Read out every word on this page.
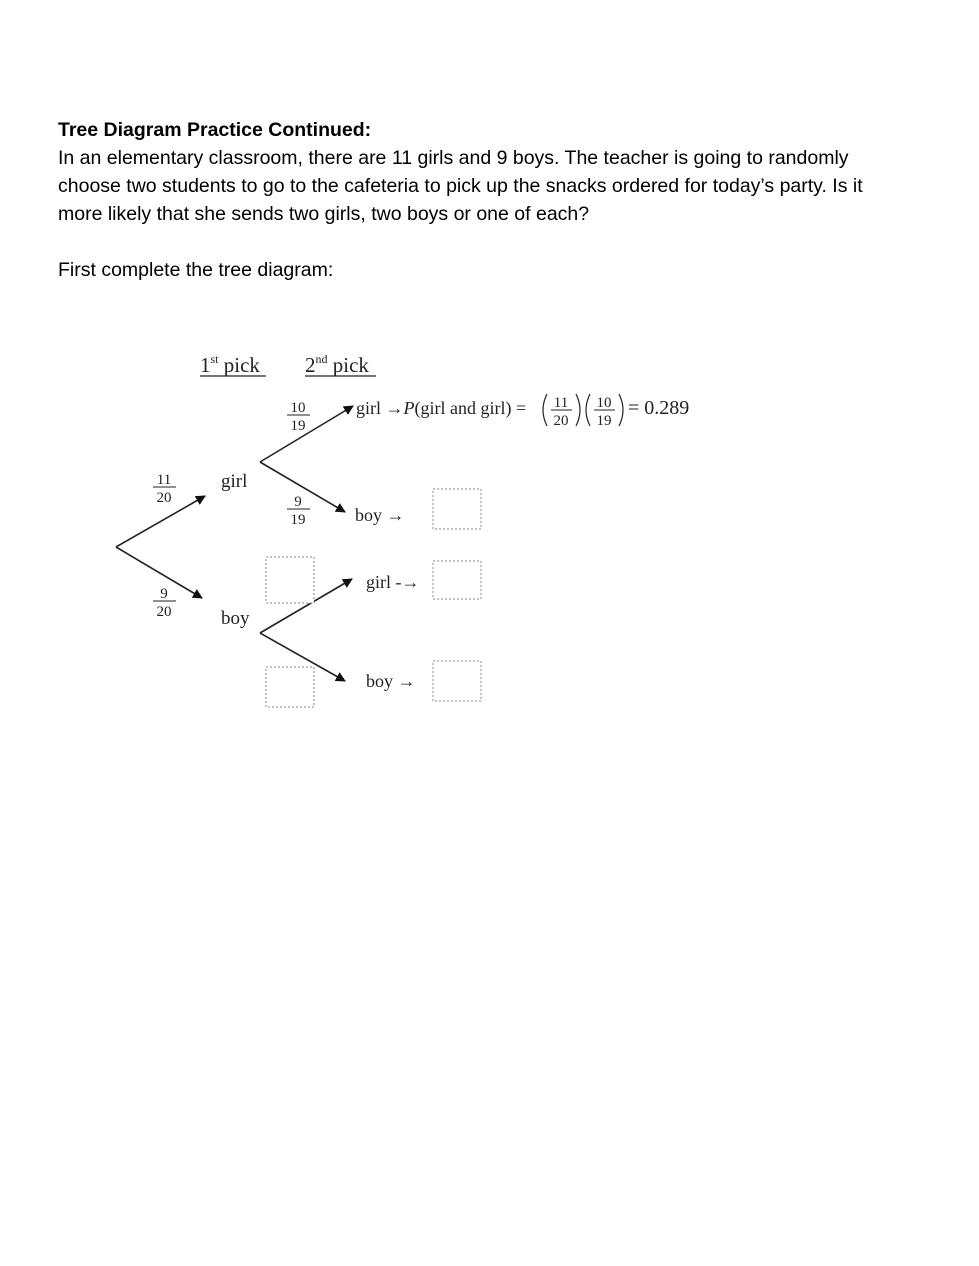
Tree Diagram Practice Continued:

In an elementary classroom, there are 11 girls and 9 boys. The teacher is going to randomly

choose two students to go to the cafeteria to pick up the snacks ordered for today’s party. Is it

more likely that she sends two girls, two boys or one of each?

First complete the tree diagram:

1st pick 2nd pick
11
20
9
20
girl
boy
10
19
9
19
girl →P(girl and girl) = 11
20
10
19
= 0.289
boy →
girl -→
boy →
